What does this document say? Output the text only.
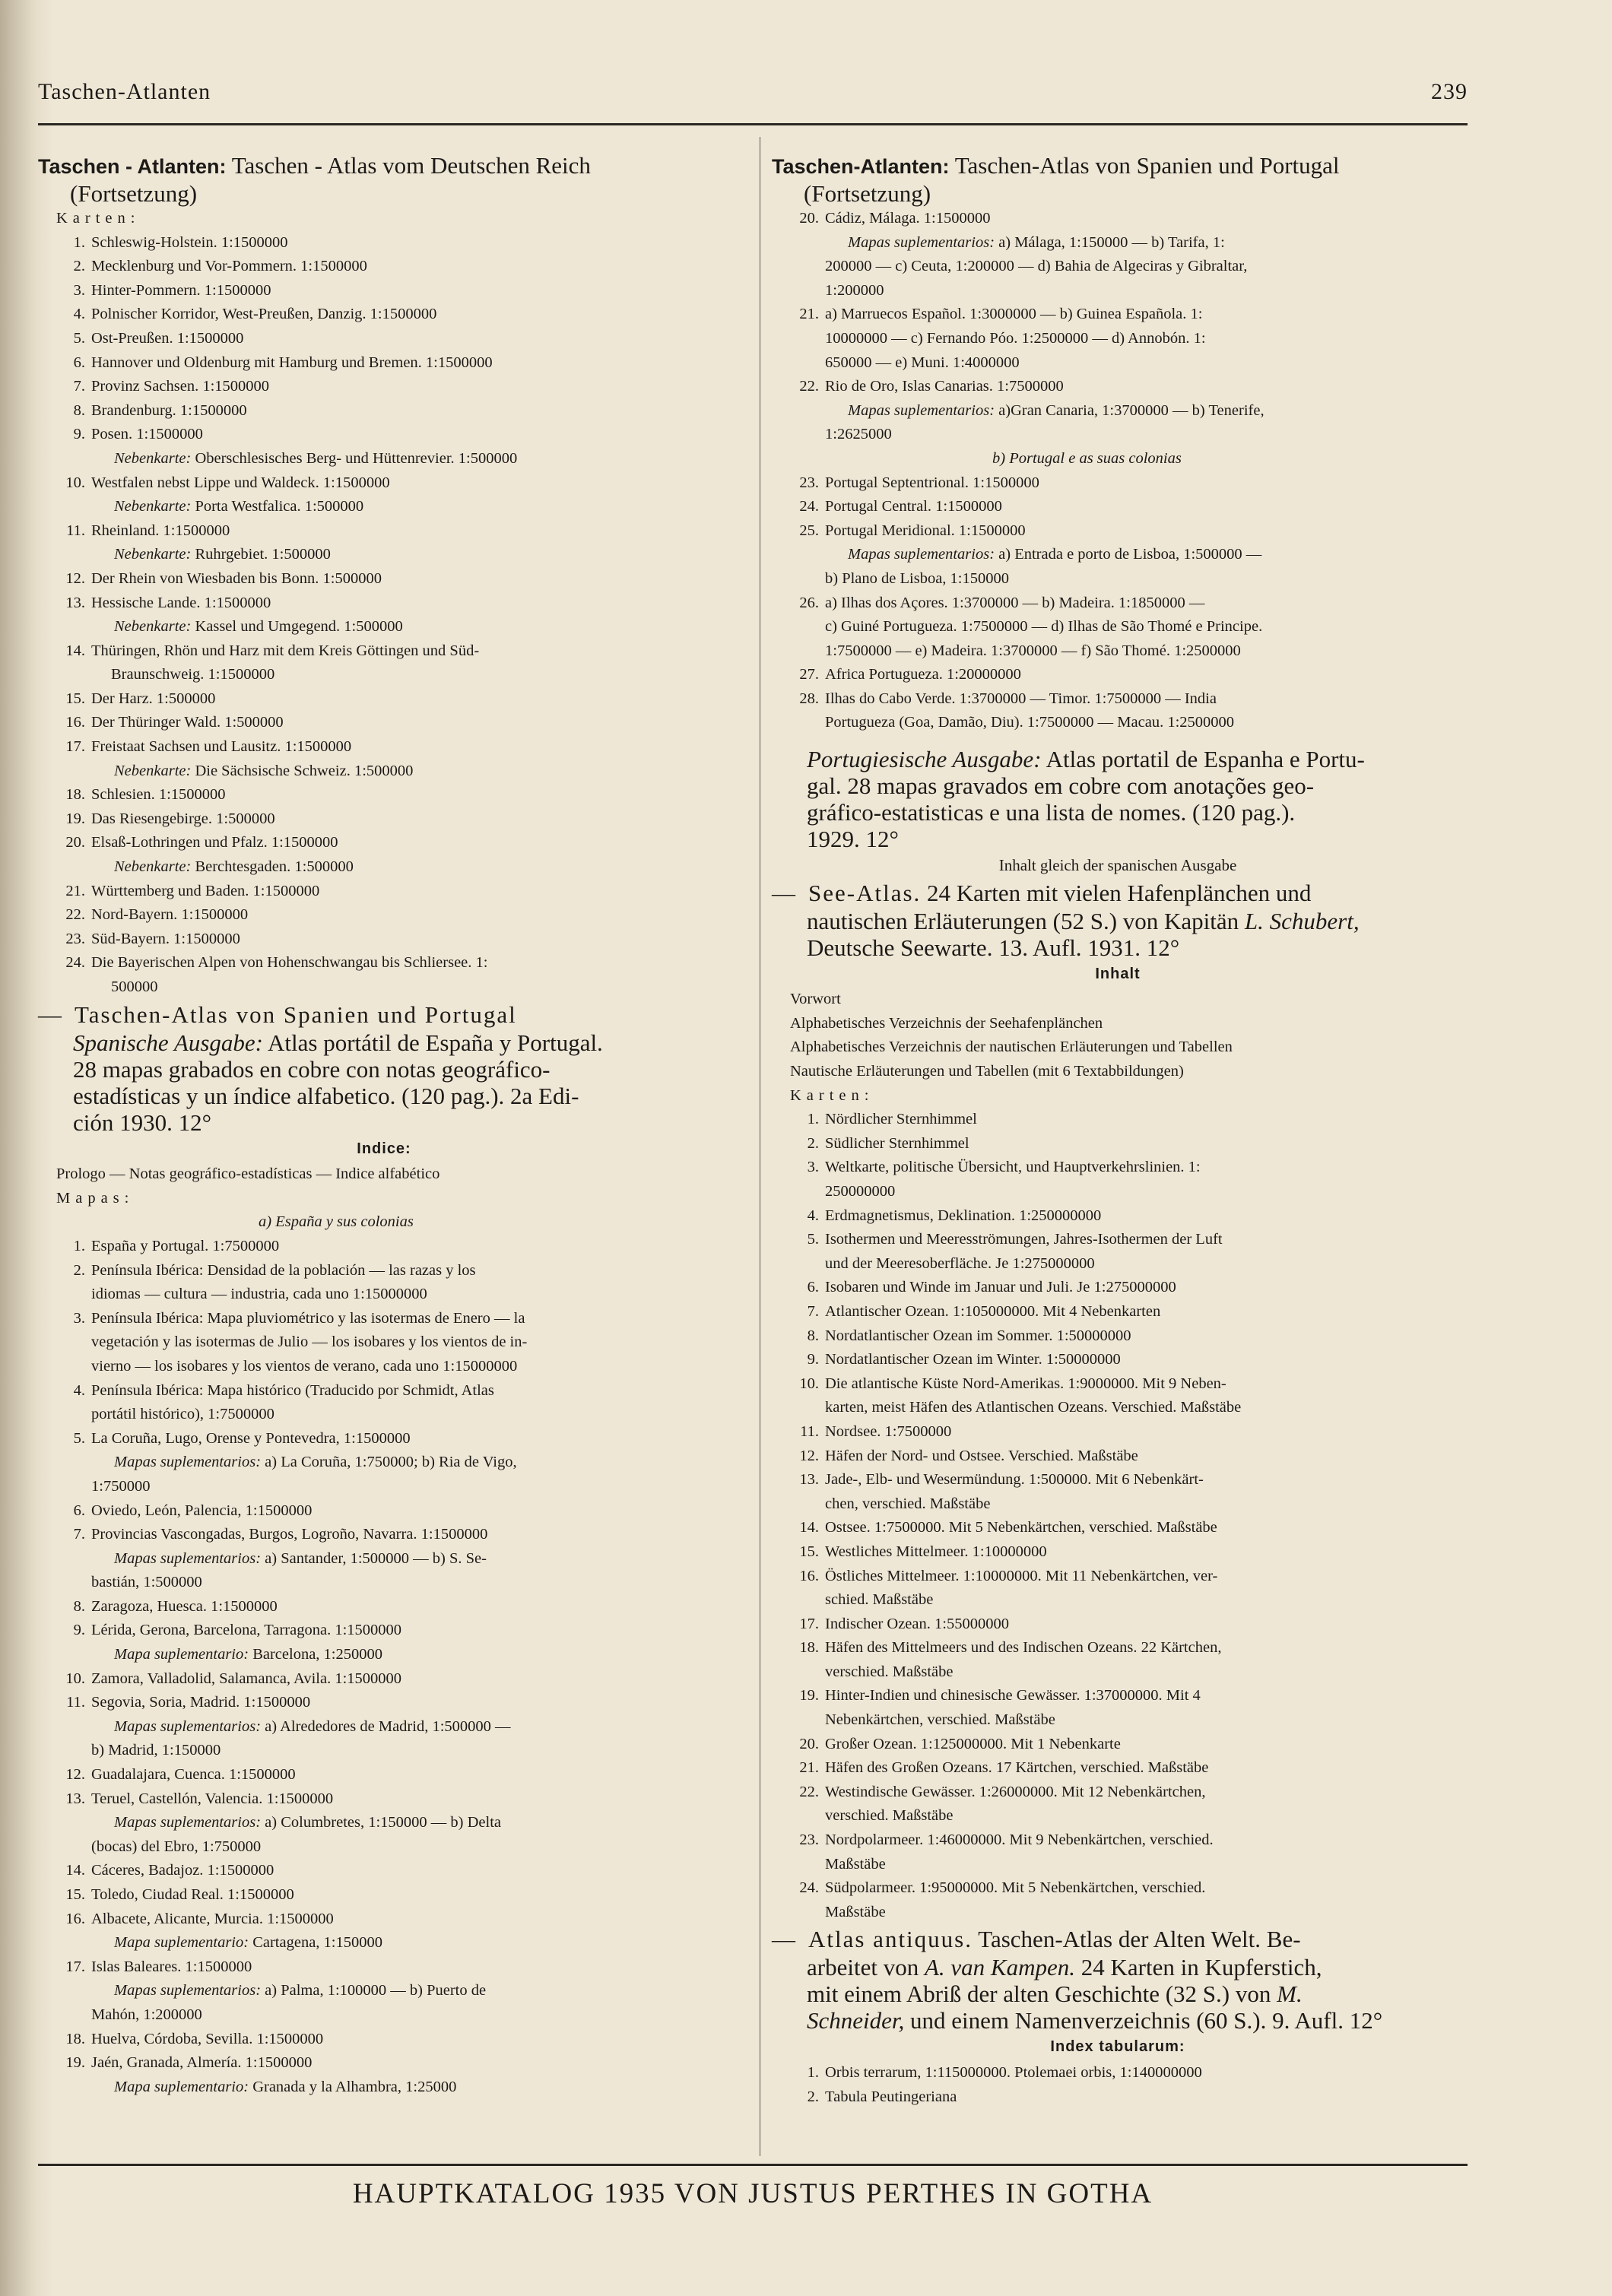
Taschen-Atlanten	239

Taschen - Atlanten: Taschen - Atlas vom Deutschen Reich
(Fortsetzung)

Karten:

1. Schleswig-Holstein. 1:1500000
2. Mecklenburg und Vor-Pommern. 1:1500000
3. Hinter-Pommern. 1:1500000
4. Polnischer Korridor, West-Preußen, Danzig. 1:1500000
5. Ost-Preußen. 1:1500000
6. Hannover und Oldenburg mit Hamburg und Bremen. 1:1500000
7. Provinz Sachsen. 1:1500000
8. Brandenburg. 1:1500000
9. Posen. 1:1500000

Nebenkarte: Oberschlesisches Berg- und Hüttenrevier. 1:500000

10. Westfalen nebst Lippe und Waldeck. 1:1500000

Nebenkarte: Porta Westfalica. 1:500000

11. Rheinland. 1:1500000

Nebenkarte: Ruhrgebiet. 1:500000

12. Der Rhein von Wiesbaden bis Bonn. 1:500000
13. Hessische Lande. 1:1500000

Nebenkarte: Kassel und Umgegend. 1:500000

14. Thüringen, Rhön und Harz mit dem Kreis Göttingen und Süd-

Braunschweig. 1:1500000

15. Der Harz. 1:500000
16. Der Thüringer Wald. 1:500000
17. Freistaat Sachsen und Lausitz. 1:1500000

Nebenkarte: Die Sächsische Schweiz. 1:500000

18. Schlesien. 1:1500000
19. Das Riesengebirge. 1:500000
20. Elsaß-Lothringen und Pfalz. 1:1500000

Nebenkarte: Berchtesgaden. 1:500000

21. Württemberg und Baden. 1:1500000
22. Nord-Bayern. 1:1500000
23. Süd-Bayern. 1:1500000
24. Die Bayerischen Alpen von Hohenschwangau bis Schliersee. 1:

500000

— Taschen-Atlas von Spanien und Portugal

Spanische Ausgabe: Atlas portátil de España y Portugal.
28 mapas grabados en cobre con notas geográfico-
estadísticas y un índice alfabetico. (120 pag.). 2a Edi-
ción 1930. 12°

Indice:

Prologo — Notas geográfico-estadísticas — Indice alfabético

Mapas:

a) España y sus colonias

1. España y Portugal. 1:7500000
2. Península Ibérica: Densidad de la población — las razas y los

idiomas — cultura — industria, cada uno 1:15000000

3. Península Ibérica: Mapa pluviométrico y las isotermas de Enero — la

vegetación y las isotermas de Julio — los isobares y los vientos de in-

vierno — los isobares y los vientos de verano, cada uno 1:15000000

4. Península Ibérica: Mapa histórico (Traducido por Schmidt, Atlas

portátil histórico), 1:7500000

5. La Coruña, Lugo, Orense y Pontevedra, 1:1500000

Mapas suplementarios: a) La Coruña, 1:750000; b) Ria de Vigo,

1:750000

6. Oviedo, León, Palencia, 1:1500000
7. Provincias Vascongadas, Burgos, Logroño, Navarra. 1:1500000

Mapas suplementarios: a) Santander, 1:500000 — b) S. Se-

bastián, 1:500000

8. Zaragoza, Huesca. 1:1500000
9. Lérida, Gerona, Barcelona, Tarragona. 1:1500000

Mapa suplementario: Barcelona, 1:250000

10. Zamora, Valladolid, Salamanca, Avila. 1:1500000
11. Segovia, Soria, Madrid. 1:1500000

Mapas suplementarios: a) Alrededores de Madrid, 1:500000 —

b) Madrid, 1:150000

12. Guadalajara, Cuenca. 1:1500000
13. Teruel, Castellón, Valencia. 1:1500000

Mapas suplementarios: a) Columbretes, 1:150000 — b) Delta

(bocas) del Ebro, 1:750000

14. Cáceres, Badajoz. 1:1500000
15. Toledo, Ciudad Real. 1:1500000
16. Albacete, Alicante, Murcia. 1:1500000

Mapa suplementario: Cartagena, 1:150000

17. Islas Baleares. 1:1500000

Mapas suplementarios: a) Palma, 1:100000 — b) Puerto de

Mahón, 1:200000

18. Huelva, Córdoba, Sevilla. 1:1500000
19. Jaén, Granada, Almería. 1:1500000

Mapa suplementario: Granada y la Alhambra, 1:25000

Taschen-Atlanten: Taschen-Atlas von Spanien und Portugal
(Fortsetzung)

20. Cádiz, Málaga. 1:1500000

Mapas suplementarios: a) Málaga, 1:150000 — b) Tarifa, 1:

200000 — c) Ceuta, 1:200000 — d) Bahia de Algeciras y Gibraltar,

1:200000

21. a) Marruecos Español. 1:3000000 — b) Guinea Española. 1:

10000000 — c) Fernando Póo. 1:2500000 — d) Annobón. 1:

650000 — e) Muni. 1:4000000

22. Rio de Oro, Islas Canarias. 1:7500000

Mapas suplementarios: a)Gran Canaria, 1:3700000 — b) Tenerife,

1:2625000

b) Portugal e as suas colonias

23. Portugal Septentrional. 1:1500000
24. Portugal Central. 1:1500000
25. Portugal Meridional. 1:1500000

Mapas suplementarios: a) Entrada e porto de Lisboa, 1:500000 —

b) Plano de Lisboa, 1:150000

26. a) Ilhas dos Açores. 1:3700000 — b) Madeira. 1:1850000 —

c) Guiné Portugueza. 1:7500000 — d) Ilhas de São Thomé e Principe.

1:7500000 — e) Madeira. 1:3700000 — f) São Thomé. 1:2500000

27. Africa Portugueza. 1:20000000
28. Ilhas do Cabo Verde. 1:3700000 — Timor. 1:7500000 — India

Portugueza (Goa, Damão, Diu). 1:7500000 — Macau. 1:2500000

Portugiesische Ausgabe: Atlas portatil de Espanha e Portu-
gal. 28 mapas gravados em cobre com anotações geo-
gráfico-estatisticas e una lista de nomes. (120 pag.).
1929. 12°

Inhalt gleich der spanischen Ausgabe

— See-Atlas. 24 Karten mit vielen Hafenplänchen und

nautischen Erläuterungen (52 S.) von Kapitän L. Schubert,
Deutsche Seewarte. 13. Aufl. 1931. 12°

Inhalt

Vorwort

Alphabetisches Verzeichnis der Seehafenplänchen

Alphabetisches Verzeichnis der nautischen Erläuterungen und Tabellen

Nautische Erläuterungen und Tabellen (mit 6 Textabbildungen)

Karten:

1. Nördlicher Sternhimmel
2. Südlicher Sternhimmel
3. Weltkarte, politische Übersicht, und Hauptverkehrslinien. 1:

250000000

4. Erdmagnetismus, Deklination. 1:250000000
5. Isothermen und Meeresströmungen, Jahres-Isothermen der Luft

und der Meeresoberfläche. Je 1:275000000

6. Isobaren und Winde im Januar und Juli. Je 1:275000000
7. Atlantischer Ozean. 1:105000000. Mit 4 Nebenkarten
8. Nordatlantischer Ozean im Sommer. 1:50000000
9. Nordatlantischer Ozean im Winter. 1:50000000
10. Die atlantische Küste Nord-Amerikas. 1:9000000. Mit 9 Neben-

karten, meist Häfen des Atlantischen Ozeans. Verschied. Maßstäbe

11. Nordsee. 1:7500000
12. Häfen der Nord- und Ostsee. Verschied. Maßstäbe
13. Jade-, Elb- und Wesermündung. 1:500000. Mit 6 Nebenkärt-

chen, verschied. Maßstäbe

14. Ostsee. 1:7500000. Mit 5 Nebenkärtchen, verschied. Maßstäbe
15. Westliches Mittelmeer. 1:10000000
16. Östliches Mittelmeer. 1:10000000. Mit 11 Nebenkärtchen, ver-

schied. Maßstäbe

17. Indischer Ozean. 1:55000000
18. Häfen des Mittelmeers und des Indischen Ozeans. 22 Kärtchen,

verschied. Maßstäbe

19. Hinter-Indien und chinesische Gewässer. 1:37000000. Mit 4

Nebenkärtchen, verschied. Maßstäbe

20. Großer Ozean. 1:125000000. Mit 1 Nebenkarte
21. Häfen des Großen Ozeans. 17 Kärtchen, verschied. Maßstäbe
22. Westindische Gewässer. 1:26000000. Mit 12 Nebenkärtchen,

verschied. Maßstäbe

23. Nordpolarmeer. 1:46000000. Mit 9 Nebenkärtchen, verschied.

Maßstäbe

24. Südpolarmeer. 1:95000000. Mit 5 Nebenkärtchen, verschied.

Maßstäbe

— Atlas antiquus. Taschen-Atlas der Alten Welt. Be-

arbeitet von A. van Kampen. 24 Karten in Kupferstich,
mit einem Abriß der alten Geschichte (32 S.) von M.
Schneider, und einem Namenverzeichnis (60 S.). 9. Aufl. 12°

Index tabularum:

1. Orbis terrarum, 1:115000000. Ptolemaei orbis, 1:140000000
2. Tabula Peutingeriana
HAUPTKATALOG 1935 VON JUSTUS PERTHES IN GOTHA
